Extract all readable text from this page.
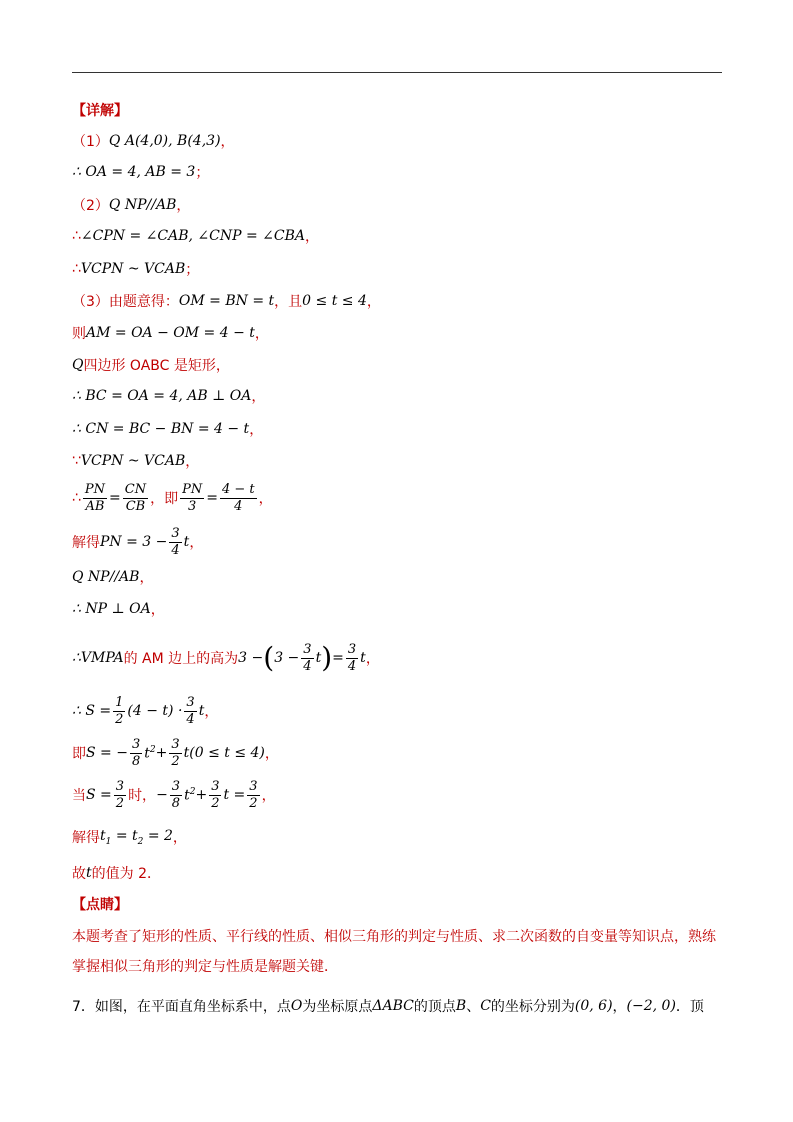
【详解】
（1） Q A(4,0), B(4,3) ，
∴ OA = 4, AB = 3 ；
（2） Q NP//AB ，
∴ ∠CPN = ∠CAB, ∠CNP = ∠CBA ，
∴ VCPN ~ VCAB ；
（3）由题意得： OM = BN = t ，且 0 ≤ t ≤ 4 ，
则 AM = OA − OM = 4 − t ，
Q 四边形 OABC 是矩形，
∴ BC = OA = 4, AB ⊥ OA ，
∴ CN = BC − BN = 4 − t ，
∵ VCPN ~ VCAB ，
∴ $\frac{PN}{AB} = \frac{CN}{CB}$ ，即 $\frac{PN}{3} = \frac{4 - t}{4}$ ，
解得 PN = $3 - \frac{3}{4}$ t ，
Q NP//AB ，
∴ NP ⊥ OA ，
∴VMPA 的 AM 边上的高为 3 − ( $3 - \frac{3}{4}$ t ) = $\frac{3}{4}$ t ，
∴ $S = \frac{1}{2} (4 - t) \cdot \frac{3}{4}$ t ，
即 S = − $\frac{3}{8} t^2 + \frac{3}{2} t(0 \le t \le 4)$ ，
当 $S = \frac{3}{2}$ 时， − $\frac{3}{8} t^2 + \frac{3}{2}$ $t = \frac{3}{2}$ ，
解得 $t_1 = t_2 = 2$ ，
故 t 的值为 2．
【点睛】
本题考查了矩形的性质、平行线的性质、相似三角形的判定与性质、求二次函数的自变量等知识点，熟练掌握相似三角形的判定与性质是解题关键．
7．如图，在平面直角坐标系中，点 O 为坐标原点 ΔABC 的顶点 B 、 C 的坐标分别为 (0, 6) ， (−2, 0) ．顶
